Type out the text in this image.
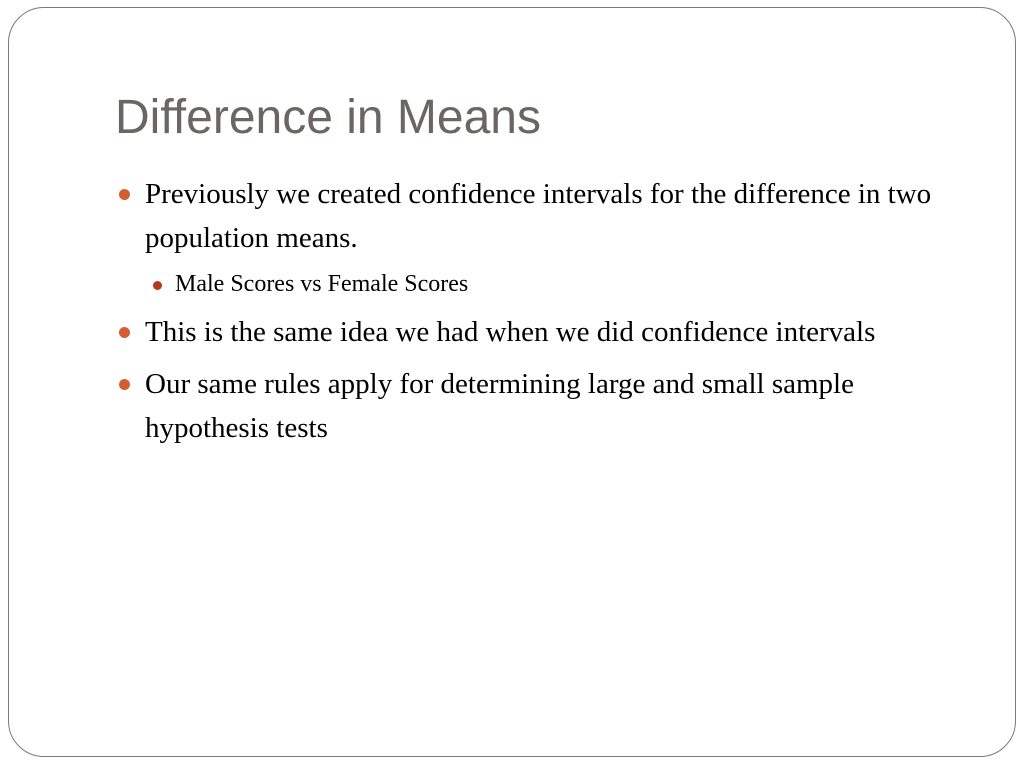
Difference in Means
Previously we created confidence intervals for the difference in two population means.
Male Scores vs Female Scores
This is the same idea we had when we did confidence intervals
Our same rules apply for determining large and small sample hypothesis tests
